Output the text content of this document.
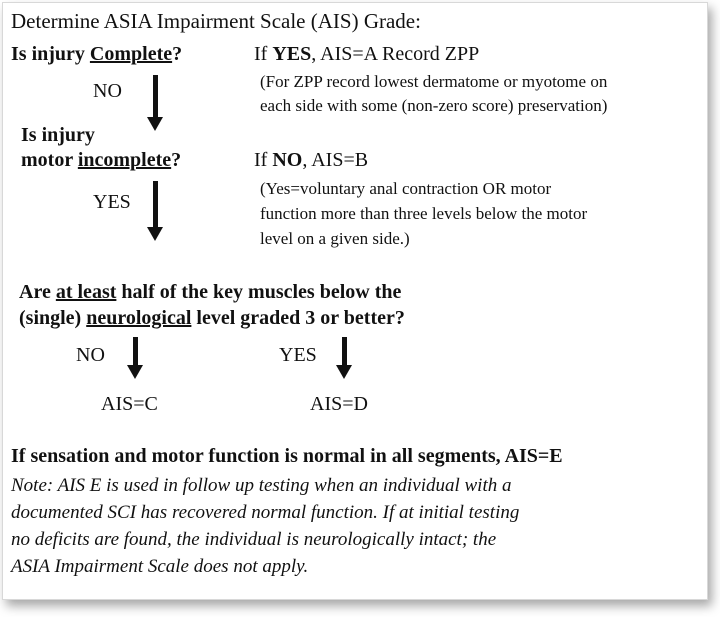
Determine ASIA Impairment Scale (AIS) Grade:
Is injury Complete?	If YES, AIS=A Record ZPP
(For ZPP record lowest dermatome or myotome on
each side with some (non-zero score) preservation)
NO
Is injury
motor incomplete?	If NO, AIS=B
(Yes=voluntary anal contraction OR motor
function more than three levels below the motor
level on a given side.)
YES
Are at least half of the key muscles below the
(single) neurological level graded 3 or better?
NO
AIS=C
YES
AIS=D
If sensation and motor function is normal in all segments, AIS=E
Note: AIS E is used in follow up testing when an individual with a
documented SCI has recovered normal function. If at initial testing
no deficits are found, the individual is neurologically intact; the
ASIA Impairment Scale does not apply.
